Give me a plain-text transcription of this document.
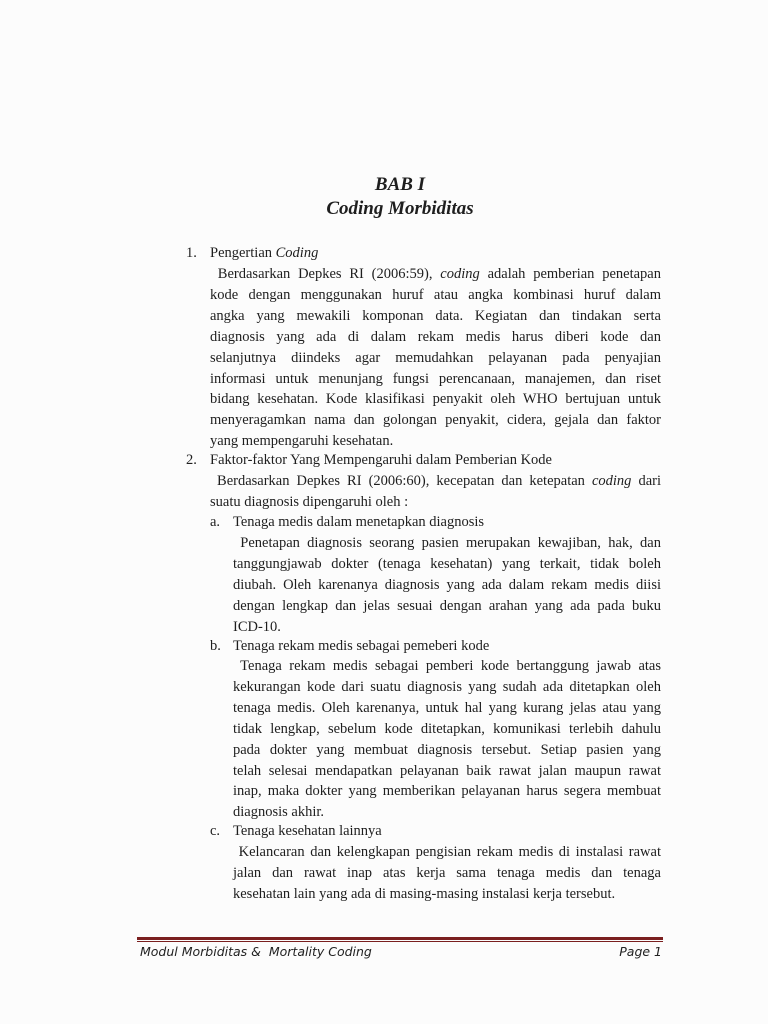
BAB I
Coding Morbiditas
1. Pengertian Coding
Berdasarkan Depkes RI (2006:59), coding adalah pemberian penetapan
kode dengan menggunakan huruf atau angka kombinasi huruf dalam
angka yang mewakili komponan data. Kegiatan dan tindakan serta
diagnosis yang ada di dalam rekam medis harus diberi kode dan
selanjutnya diindeks agar memudahkan pelayanan pada penyajian
informasi untuk menunjang fungsi perencanaan, manajemen, dan riset
bidang kesehatan. Kode klasifikasi penyakit oleh WHO bertujuan untuk
menyeragamkan nama dan golongan penyakit, cidera, gejala dan faktor
yang mempengaruhi kesehatan.
2. Faktor-faktor Yang Mempengaruhi dalam Pemberian Kode
Berdasarkan Depkes RI (2006:60), kecepatan dan ketepatan coding dari
suatu diagnosis dipengaruhi oleh :
a. Tenaga medis dalam menetapkan diagnosis
Penetapan diagnosis seorang pasien merupakan kewajiban, hak, dan
tanggungjawab dokter (tenaga kesehatan) yang terkait, tidak boleh
diubah. Oleh karenanya diagnosis yang ada dalam rekam medis diisi
dengan lengkap dan jelas sesuai dengan arahan yang ada pada buku
ICD-10.
b. Tenaga rekam medis sebagai pemeberi kode
Tenaga rekam medis sebagai pemberi kode bertanggung jawab atas
kekurangan kode dari suatu diagnosis yang sudah ada ditetapkan oleh
tenaga medis. Oleh karenanya, untuk hal yang kurang jelas atau yang
tidak lengkap, sebelum kode ditetapkan, komunikasi terlebih dahulu
pada dokter yang membuat diagnosis tersebut. Setiap pasien yang
telah selesai mendapatkan pelayanan baik rawat jalan maupun rawat
inap, maka dokter yang memberikan pelayanan harus segera membuat
diagnosis akhir.
c. Tenaga kesehatan lainnya
Kelancaran dan kelengkapan pengisian rekam medis di instalasi rawat
jalan dan rawat inap atas kerja sama tenaga medis dan tenaga
kesehatan lain yang ada di masing-masing instalasi kerja tersebut.
Modul Morbiditas &  Mortality Coding	Page 1
